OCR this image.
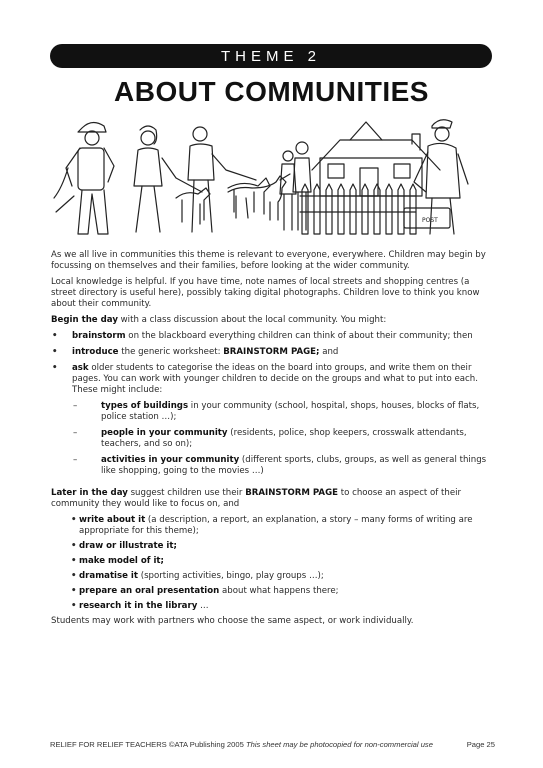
THEME 2
ABOUT COMMUNITIES
POST

As we all live in communities this theme is relevant to everyone, everywhere. Children may begin by focussing on themselves and their families, before looking at the wider community.

Local knowledge is helpful. If you have time, note names of local streets and shopping centres (a street directory is useful here), possibly taking digital photographs. Children love to think you know about their community.

Begin the day with a class discussion about the local community. You might:

• brainstorm on the blackboard everything children can think of about their community; then
• introduce the generic worksheet: BRAINSTORM PAGE; and
• ask older students to categorise the ideas on the board into groups, and write them on their pages. You can work with younger children to decide on the groups and what to put into each. These might include:
–	types of buildings in your community (school, hospital, shops, houses, blocks of flats, police station …);
–	people in your community (residents, police, shop keepers, crosswalk attendants, teachers, and so on);
–	activities in your community (different sports, clubs, groups, as well as general things like shopping, going to the movies …)

Later in the day suggest children use their BRAINSTORM PAGE to choose an aspect of their community they would like to focus on, and

• write about it (a description, a report, an explanation, a story – many forms of writing are appropriate for this theme);
• draw or illustrate it;
• make model of it;
• dramatise it (sporting activities, bingo, play groups …);
• prepare an oral presentation about what happens there;
• research it in the library …

Students may work with partners who choose the same aspect, or work individually.

RELIEF FOR RELIEF TEACHERS ©ATA Publishing 2005 This sheet may be photocopied for non-commercial use	Page 25
